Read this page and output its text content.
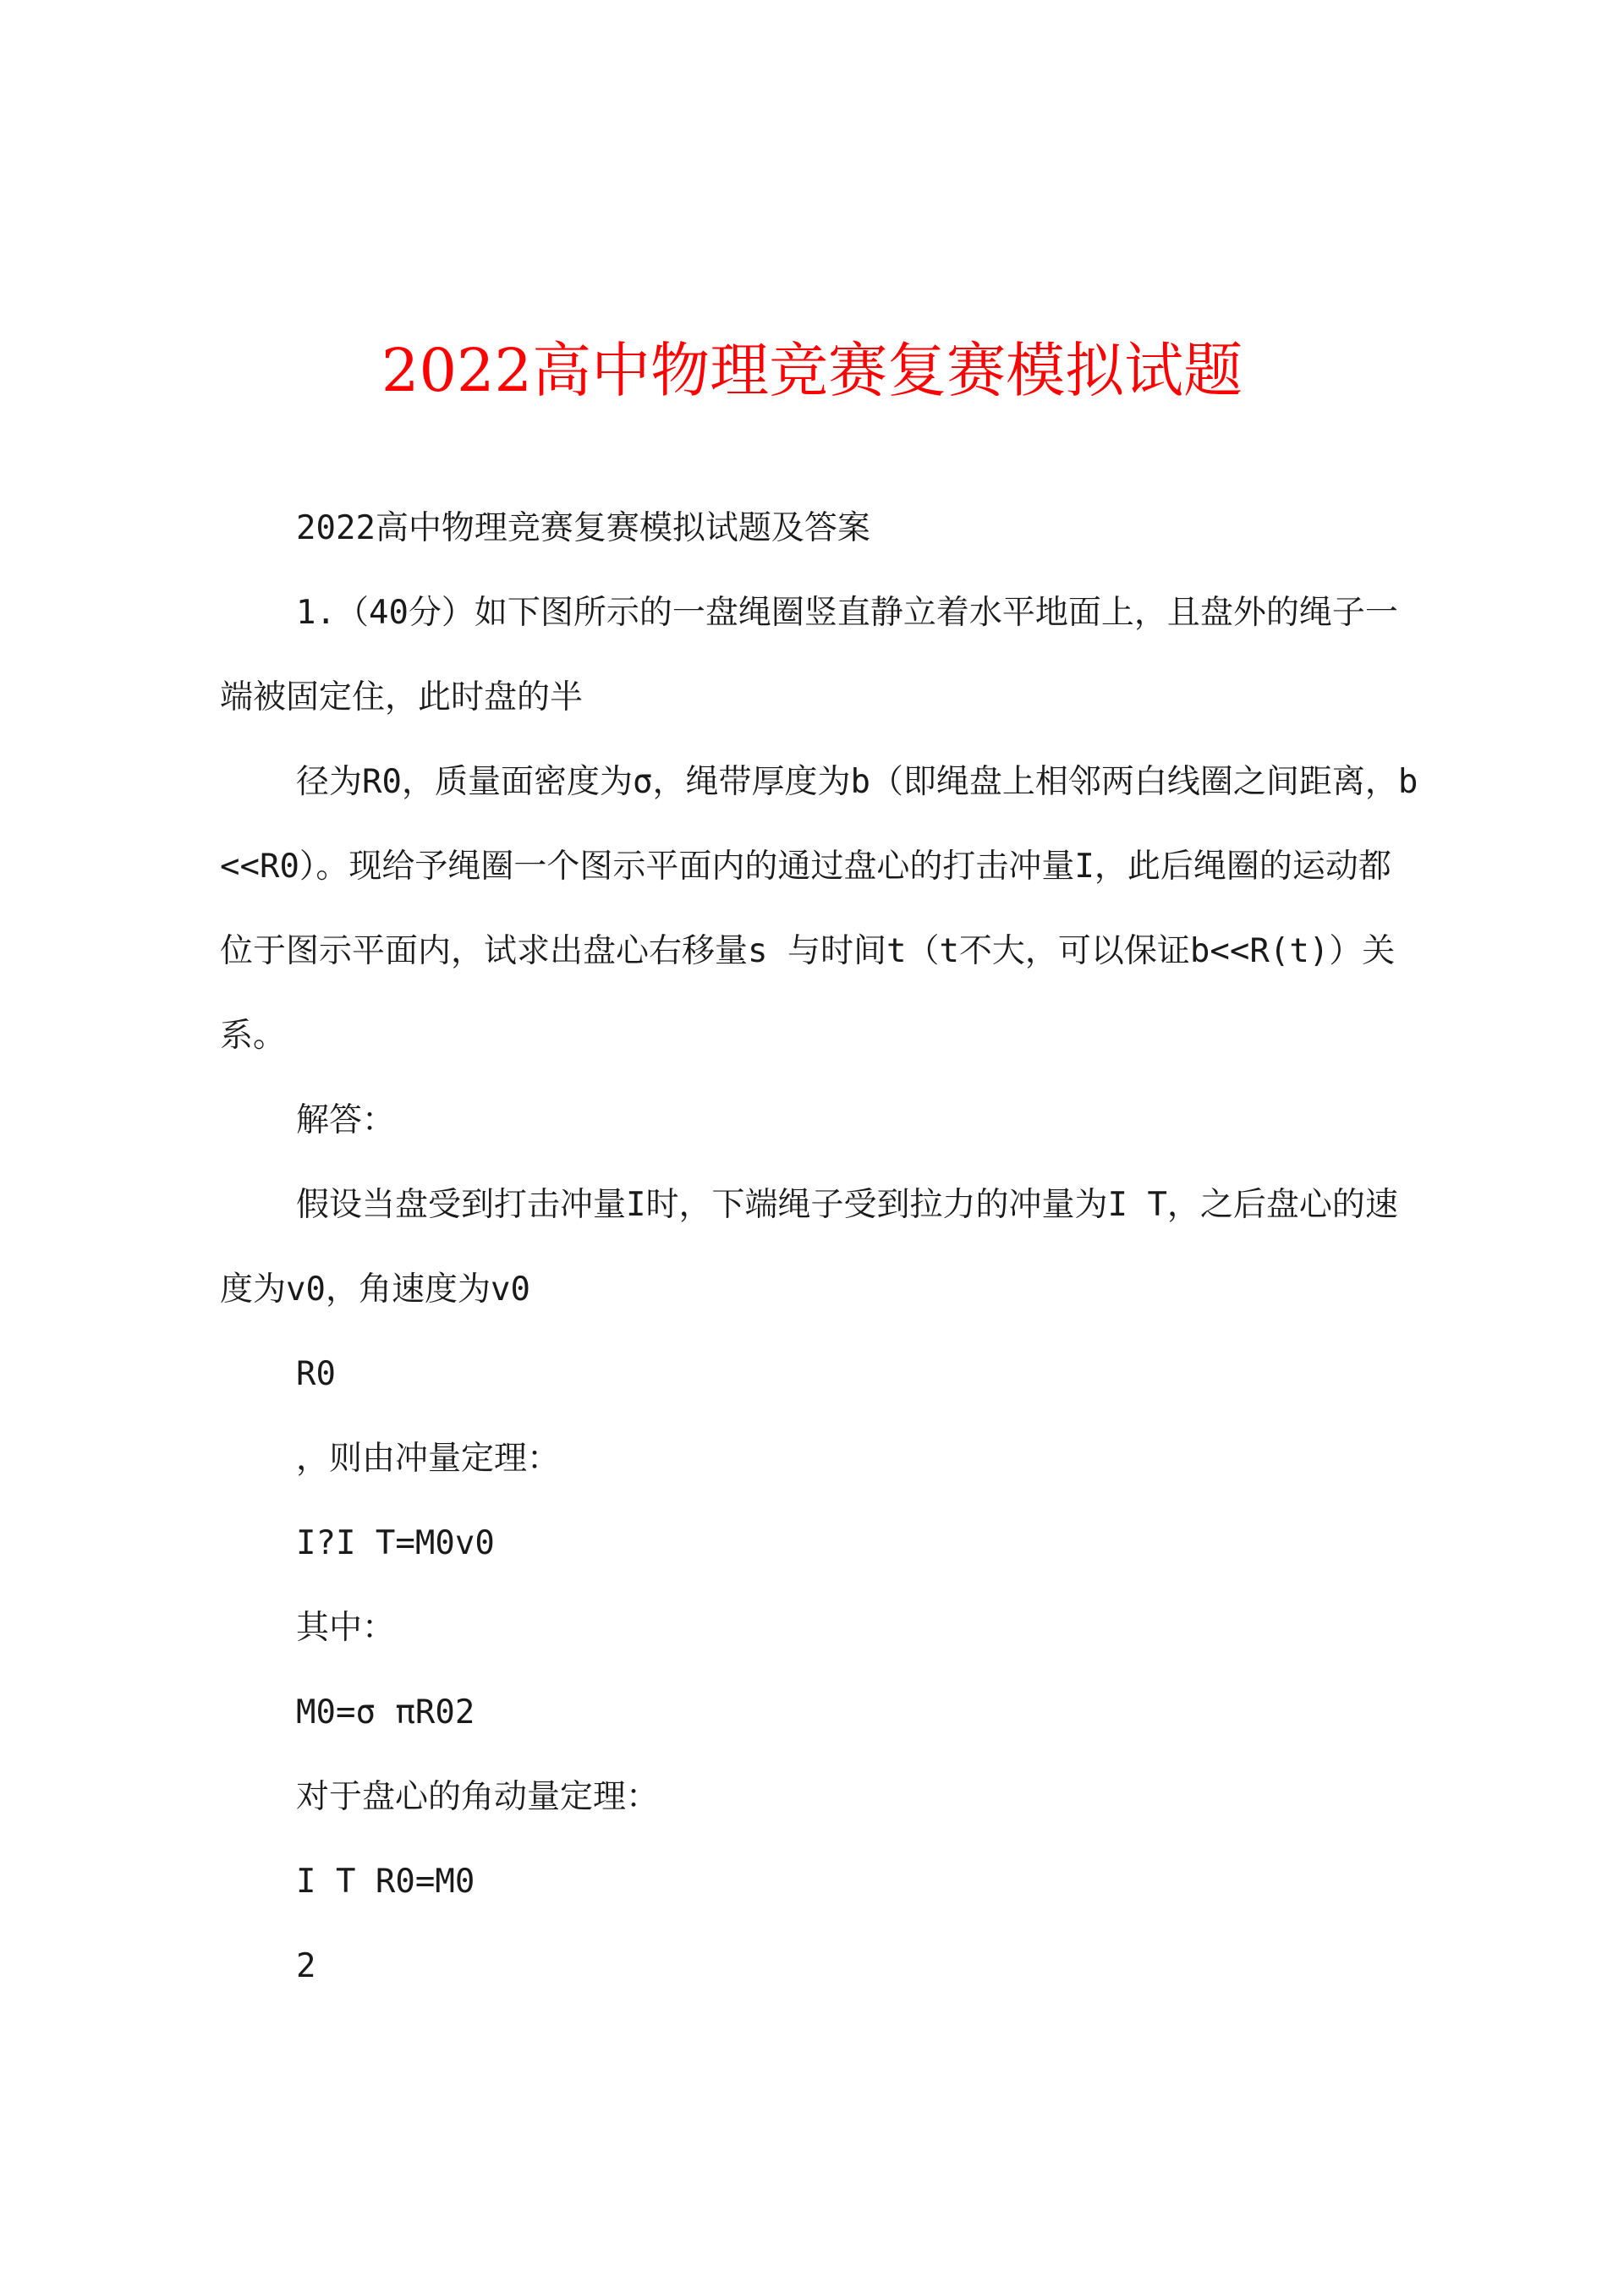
2022高中物理竞赛复赛模拟试题

2022高中物理竞赛复赛模拟试题及答案

1.（40分）如下图所示的一盘绳圈竖直静立着水平地面上，且盘外的绳子一端被固定住，此时盘的半

径为R0，质量面密度为σ，绳带厚度为b（即绳盘上相邻两白线圈之间距离，b<<R0）。现给予绳圈一个图示平面内的通过盘心的打击冲量I，此后绳圈的运动都位于图示平面内，试求出盘心右移量s 与时间t（t不大，可以保证b<<R(t)）关系。

解答：

假设当盘受到打击冲量I时，下端绳子受到拉力的冲量为I T，之后盘心的速度为v0，角速度为v0

R0

，则由冲量定理：

I?I T=M0v0

其中：

M0=σ πR02

对于盘心的角动量定理：

I T R0=M0

2
